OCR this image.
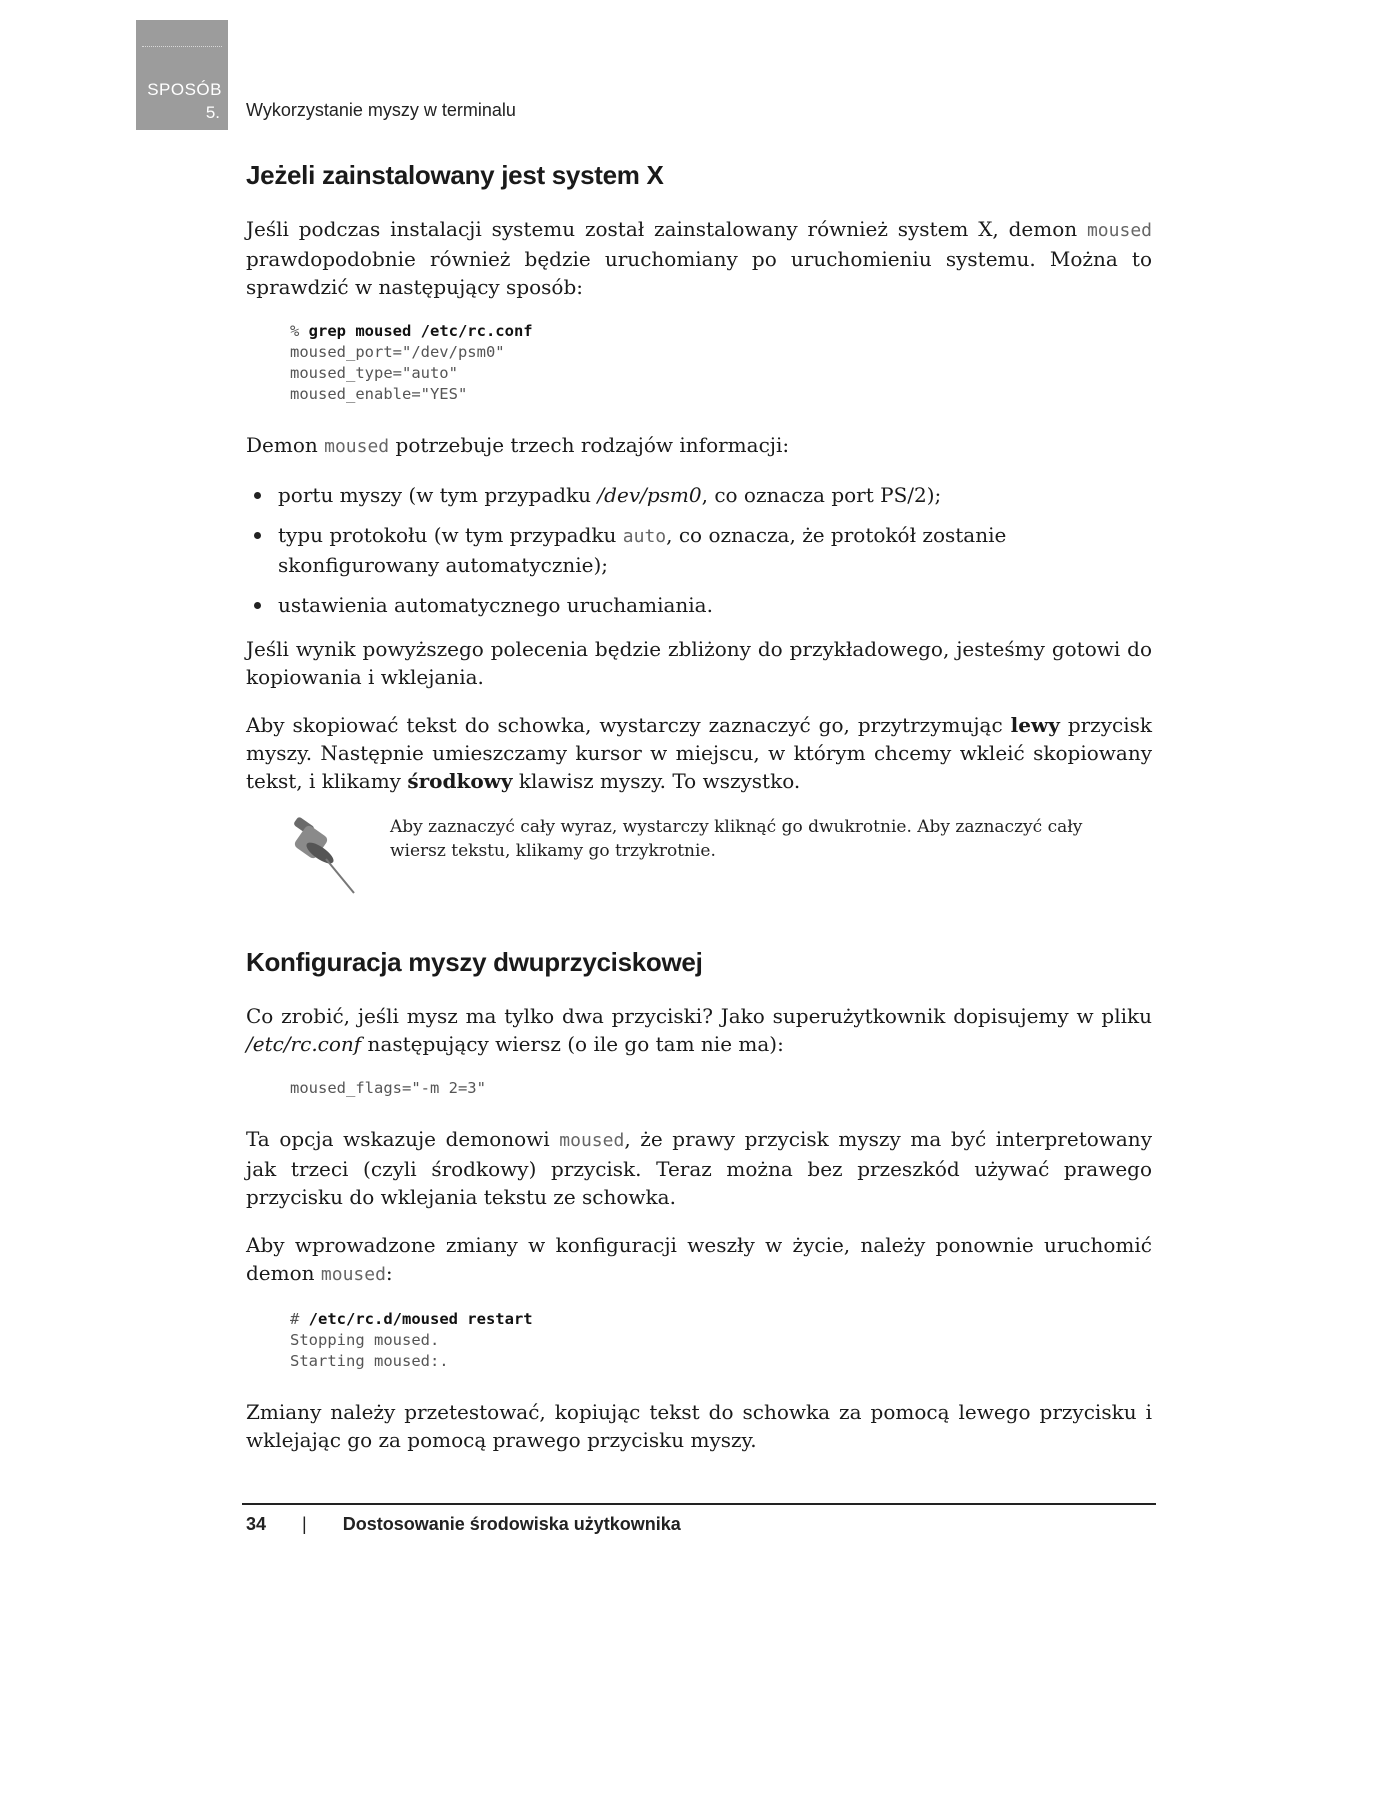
SPOSÓB
5. Wykorzystanie myszy w terminalu
Jeżeli zainstalowany jest system X

Jeśli podczas instalacji systemu został zainstalowany również system X, demon moused prawdopodobnie również będzie uruchomiany po uruchomieniu systemu. Można to sprawdzić w następujący sposób:

% grep moused /etc/rc.conf
moused_port="/dev/psm0"
moused_type="auto"
moused_enable="YES"

Demon moused potrzebuje trzech rodzajów informacji:

portu myszy (w tym przypadku /dev/psm0, co oznacza port PS/2);
typu protokołu (w tym przypadku auto, co oznacza, że protokół zostanie skonfigurowany automatycznie);
ustawienia automatycznego uruchamiania.

Jeśli wynik powyższego polecenia będzie zbliżony do przykładowego, jesteśmy gotowi do kopiowania i wklejania.

Aby skopiować tekst do schowka, wystarczy zaznaczyć go, przytrzymując lewy przycisk myszy. Następnie umieszczamy kursor w miejscu, w którym chcemy wkleić skopiowany tekst, i klikamy środkowy klawisz myszy. To wszystko.

Aby zaznaczyć cały wyraz, wystarczy kliknąć go dwukrotnie. Aby zaznaczyć cały wiersz tekstu, klikamy go trzykrotnie.
Konfiguracja myszy dwuprzyciskowej

Co zrobić, jeśli mysz ma tylko dwa przyciski? Jako superużytkownik dopisujemy w pliku /etc/rc.conf następujący wiersz (o ile go tam nie ma):

moused_flags="-m 2=3"

Ta opcja wskazuje demonowi moused, że prawy przycisk myszy ma być interpretowany jak trzeci (czyli środkowy) przycisk. Teraz można bez przeszkód używać prawego przycisku do wklejania tekstu ze schowka.

Aby wprowadzone zmiany w konfiguracji weszły w życie, należy ponownie uruchomić demon moused:

# /etc/rc.d/moused restart
Stopping moused.
Starting moused:.

Zmiany należy przetestować, kopiując tekst do schowka za pomocą lewego przycisku i wklejając go za pomocą prawego przycisku myszy.

34 | Dostosowanie środowiska użytkownika
